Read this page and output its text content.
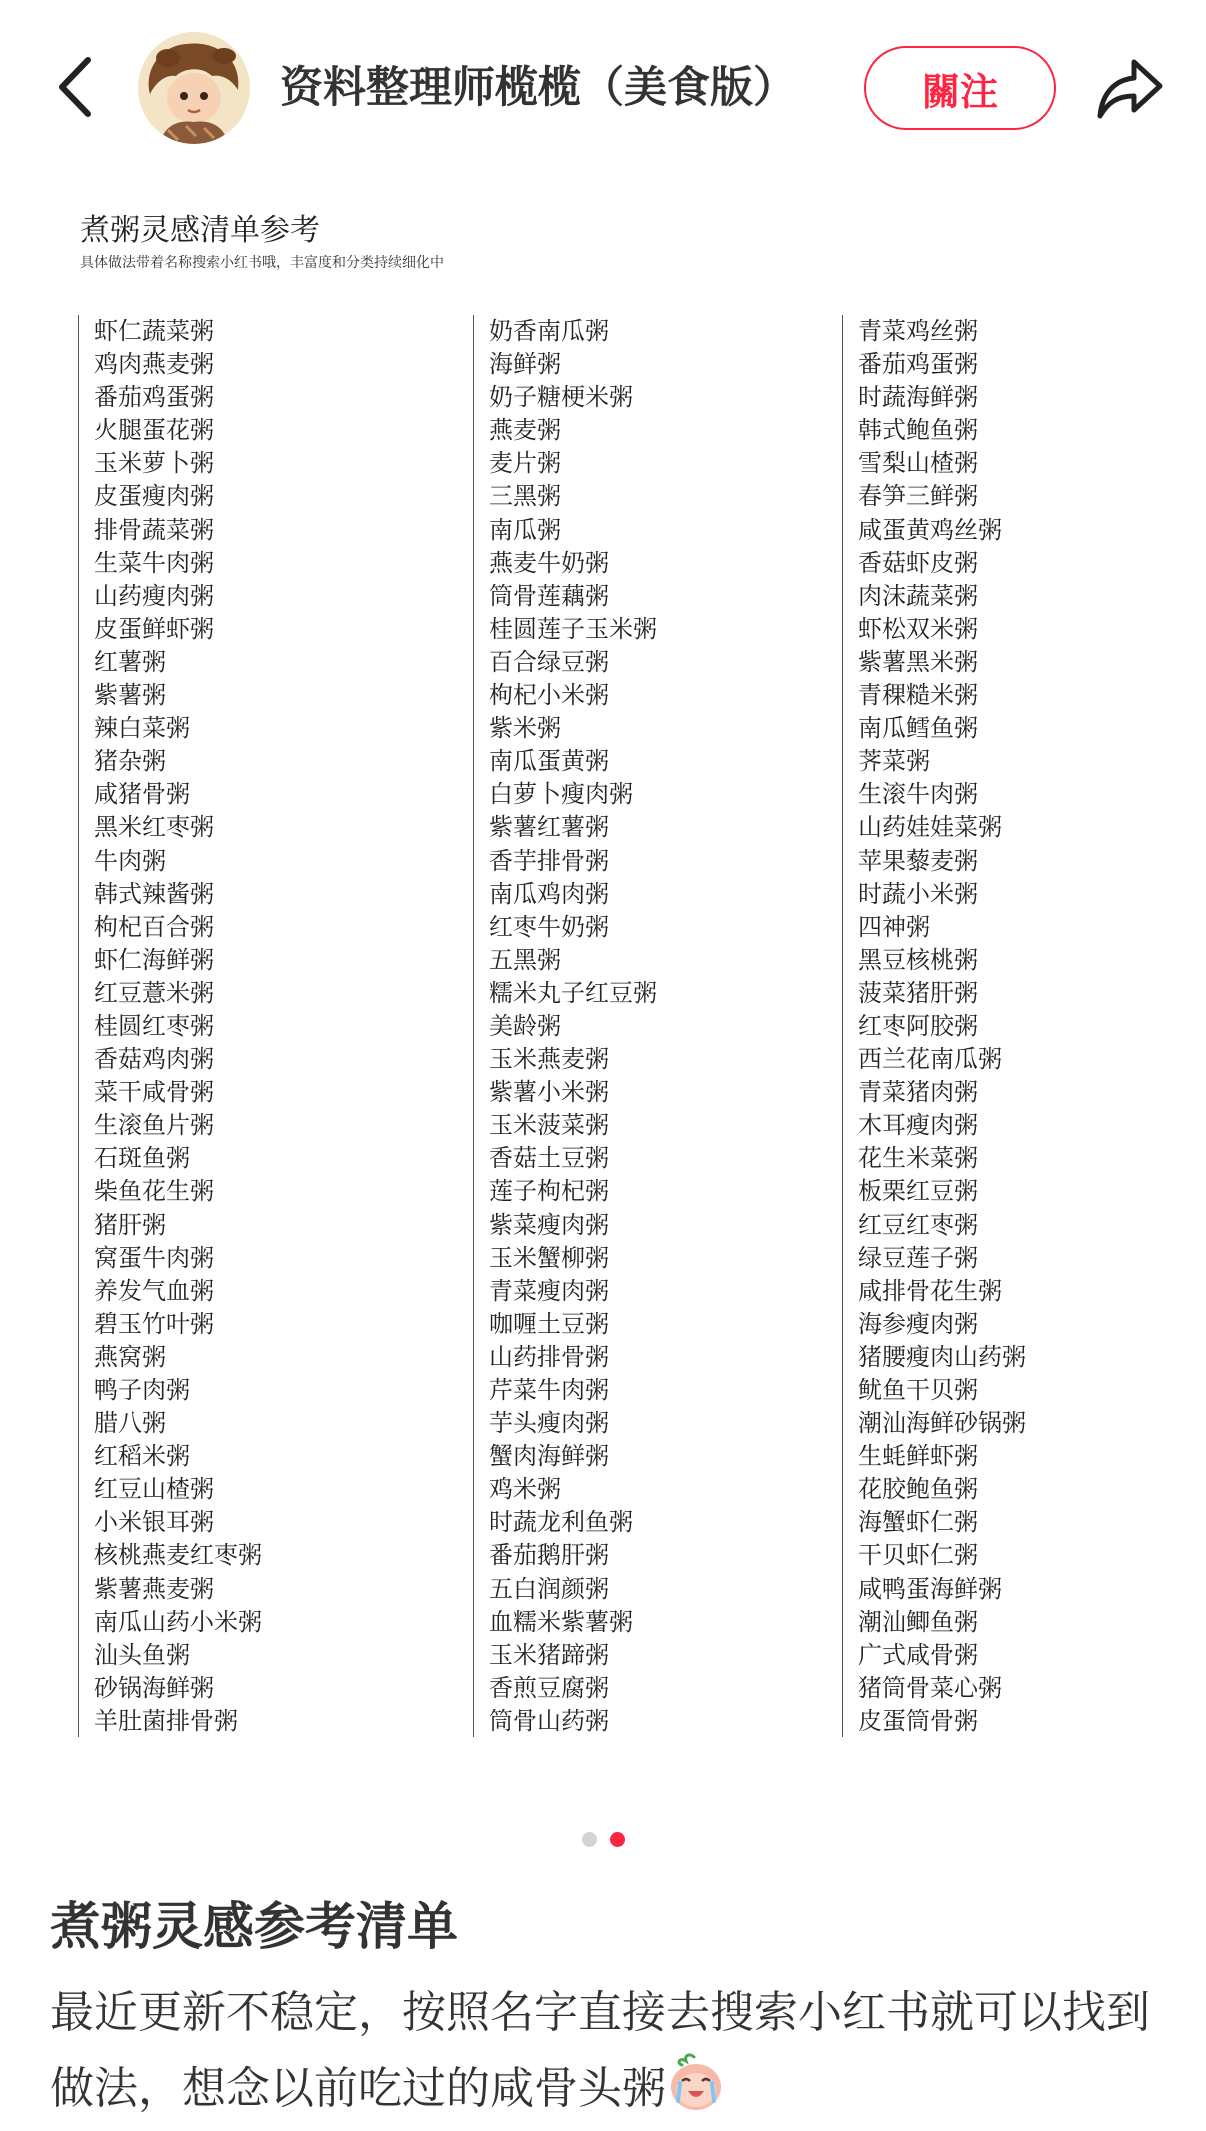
资料整理师榄榄（美食版）	關注
煮粥灵感清单参考
具体做法带着名称搜索小红书哦，丰富度和分类持续细化中
虾仁蔬菜粥
鸡肉燕麦粥
番茄鸡蛋粥
火腿蛋花粥
玉米萝卜粥
皮蛋瘦肉粥
排骨蔬菜粥
生菜牛肉粥
山药瘦肉粥
皮蛋鲜虾粥
红薯粥
紫薯粥
辣白菜粥
猪杂粥
咸猪骨粥
黑米红枣粥
牛肉粥
韩式辣酱粥
枸杞百合粥
虾仁海鲜粥
红豆薏米粥
桂圆红枣粥
香菇鸡肉粥
菜干咸骨粥
生滚鱼片粥
石斑鱼粥
柴鱼花生粥
猪肝粥
窝蛋牛肉粥
养发气血粥
碧玉竹叶粥
燕窝粥
鸭子肉粥
腊八粥
红稻米粥
红豆山楂粥
小米银耳粥
核桃燕麦红枣粥
紫薯燕麦粥
南瓜山药小米粥
汕头鱼粥
砂锅海鲜粥
羊肚菌排骨粥
奶香南瓜粥
海鲜粥
奶子糖梗米粥
燕麦粥
麦片粥
三黑粥
南瓜粥
燕麦牛奶粥
筒骨莲藕粥
桂圆莲子玉米粥
百合绿豆粥
枸杞小米粥
紫米粥
南瓜蛋黄粥
白萝卜瘦肉粥
紫薯红薯粥
香芋排骨粥
南瓜鸡肉粥
红枣牛奶粥
五黑粥
糯米丸子红豆粥
美龄粥
玉米燕麦粥
紫薯小米粥
玉米菠菜粥
香菇土豆粥
莲子枸杞粥
紫菜瘦肉粥
玉米蟹柳粥
青菜瘦肉粥
咖喱土豆粥
山药排骨粥
芹菜牛肉粥
芋头瘦肉粥
蟹肉海鲜粥
鸡米粥
时蔬龙利鱼粥
番茄鹅肝粥
五白润颜粥
血糯米紫薯粥
玉米猪蹄粥
香煎豆腐粥
筒骨山药粥
青菜鸡丝粥
番茄鸡蛋粥
时蔬海鲜粥
韩式鲍鱼粥
雪梨山楂粥
春笋三鲜粥
咸蛋黄鸡丝粥
香菇虾皮粥
肉沫蔬菜粥
虾松双米粥
紫薯黑米粥
青稞糙米粥
南瓜鳕鱼粥
荠菜粥
生滚牛肉粥
山药娃娃菜粥
苹果藜麦粥
时蔬小米粥
四神粥
黑豆核桃粥
菠菜猪肝粥
红枣阿胶粥
西兰花南瓜粥
青菜猪肉粥
木耳瘦肉粥
花生米菜粥
板栗红豆粥
红豆红枣粥
绿豆莲子粥
咸排骨花生粥
海参瘦肉粥
猪腰瘦肉山药粥
鱿鱼干贝粥
潮汕海鲜砂锅粥
生蚝鲜虾粥
花胶鲍鱼粥
海蟹虾仁粥
干贝虾仁粥
咸鸭蛋海鲜粥
潮汕鲫鱼粥
广式咸骨粥
猪筒骨菜心粥
皮蛋筒骨粥
煮粥灵感参考清单
最近更新不稳定，按照名字直接去搜索小红书就可以找到做法，想念以前吃过的咸骨头粥
